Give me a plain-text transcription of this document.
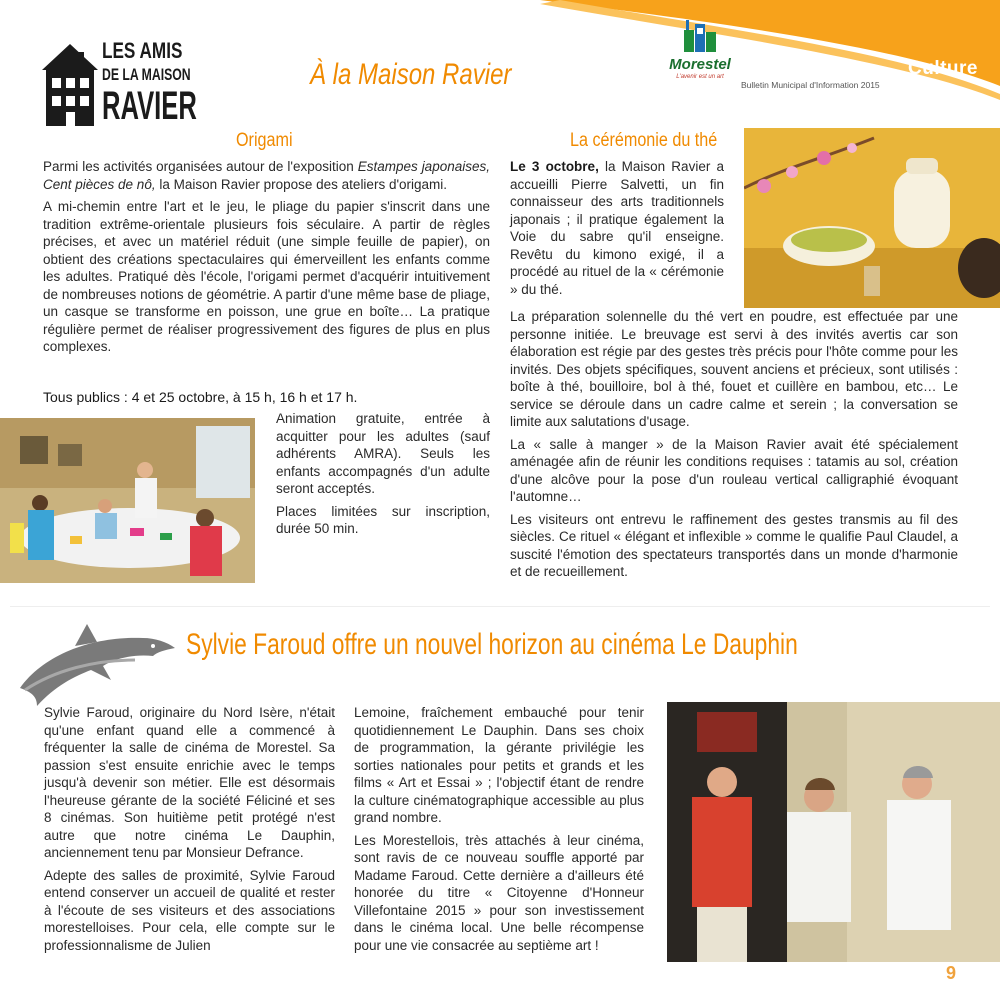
Culture
Morestel
L'avenir est un art
Bulletin Municipal d'Information 2015
LES AMIS
DE LA MAISON
RAVIER
À la Maison Ravier
Origami

Parmi les activités organisées autour de l'exposition Estampes japonaises, Cent pièces de nô, la Maison Ravier propose des ateliers d'origami.

A mi-chemin entre l'art et le jeu, le pliage du papier s'inscrit dans une tradition extrême-orientale plusieurs fois séculaire. A partir de règles précises, et avec un matériel réduit (une simple feuille de papier), on obtient des créations spectaculaires qui émerveillent les enfants comme les adultes. Pratiqué dès l'école, l'origami permet d'acquérir intuitivement de nombreuses notions de géométrie. A partir d'une même base de pliage, un casque se transforme en poisson, une grue en boîte… La pratique régulière permet de réaliser progressivement des figures de plus en plus complexes.

Tous publics : 4 et 25 octobre, à 15 h, 16 h et 17 h.

Animation gratuite, entrée à acquitter pour les adultes (sauf adhérents AMRA). Seuls les enfants accompagnés d'un adulte seront acceptés.

Places limitées sur inscription, durée 50 min.

La cérémonie du thé

Le 3 octobre, la Maison Ravier a accueilli Pierre Salvetti, un fin connaisseur des arts traditionnels japonais ; il pratique également la Voie du sabre qu'il enseigne. Revêtu du kimono exigé, il a procédé au rituel de la « cérémonie » du thé.

La préparation solennelle du thé vert en poudre, est effectuée par une personne initiée. Le breuvage est servi à des invités avertis car son élaboration est régie par des gestes très précis pour l'hôte comme pour les invités. Des objets spécifiques, souvent anciens et précieux, sont utilisés : boîte à thé, bouilloire, bol à thé, fouet et cuillère en bambou, etc… Le service se déroule dans un cadre calme et serein ; la conversation se limite aux salutations d'usage.

La « salle à manger » de la Maison Ravier avait été spécialement aménagée afin de réunir les conditions requises : tatamis au sol, création d'une alcôve pour la pose d'un rouleau vertical calligraphié évoquant l'automne…

Les visiteurs ont entrevu le raffinement des gestes transmis au fil des siècles. Ce rituel « élégant et inflexible » comme le qualifie Paul Claudel, a suscité l'émotion des spectateurs transportés dans un monde d'harmonie et de recueillement.

Sylvie Faroud offre un nouvel horizon au cinéma Le Dauphin

Sylvie Faroud, originaire du Nord Isère, n'était qu'une enfant quand elle a commencé à fréquenter la salle de cinéma de Morestel. Sa passion s'est ensuite enrichie avec le temps jusqu'à devenir son métier. Elle est désormais l'heureuse gérante de la société Féliciné et ses 8 cinémas. Son huitième petit protégé n'est autre que notre cinéma Le Dauphin, anciennement tenu par Monsieur Defrance.

Adepte des salles de proximité, Sylvie Faroud entend conserver un accueil de qualité et rester à l'écoute de ses visiteurs et des associations morestelloises. Pour cela, elle compte sur le professionnalisme de Julien

Lemoine, fraîchement embauché pour tenir quotidiennement Le Dauphin. Dans ses choix de programmation, la gérante privilégie les sorties nationales pour petits et grands et les films « Art et Essai » ; l'objectif étant de rendre la culture cinématographique accessible au plus grand nombre.

Les Morestellois, très attachés à leur cinéma, sont ravis de ce nouveau souffle apporté par Madame Faroud. Cette dernière a d'ailleurs été honorée du titre « Citoyenne d'Honneur Villefontaine 2015 » pour son investissement dans le cinéma local. Une belle récompense pour une vie consacrée au septième art !

9
